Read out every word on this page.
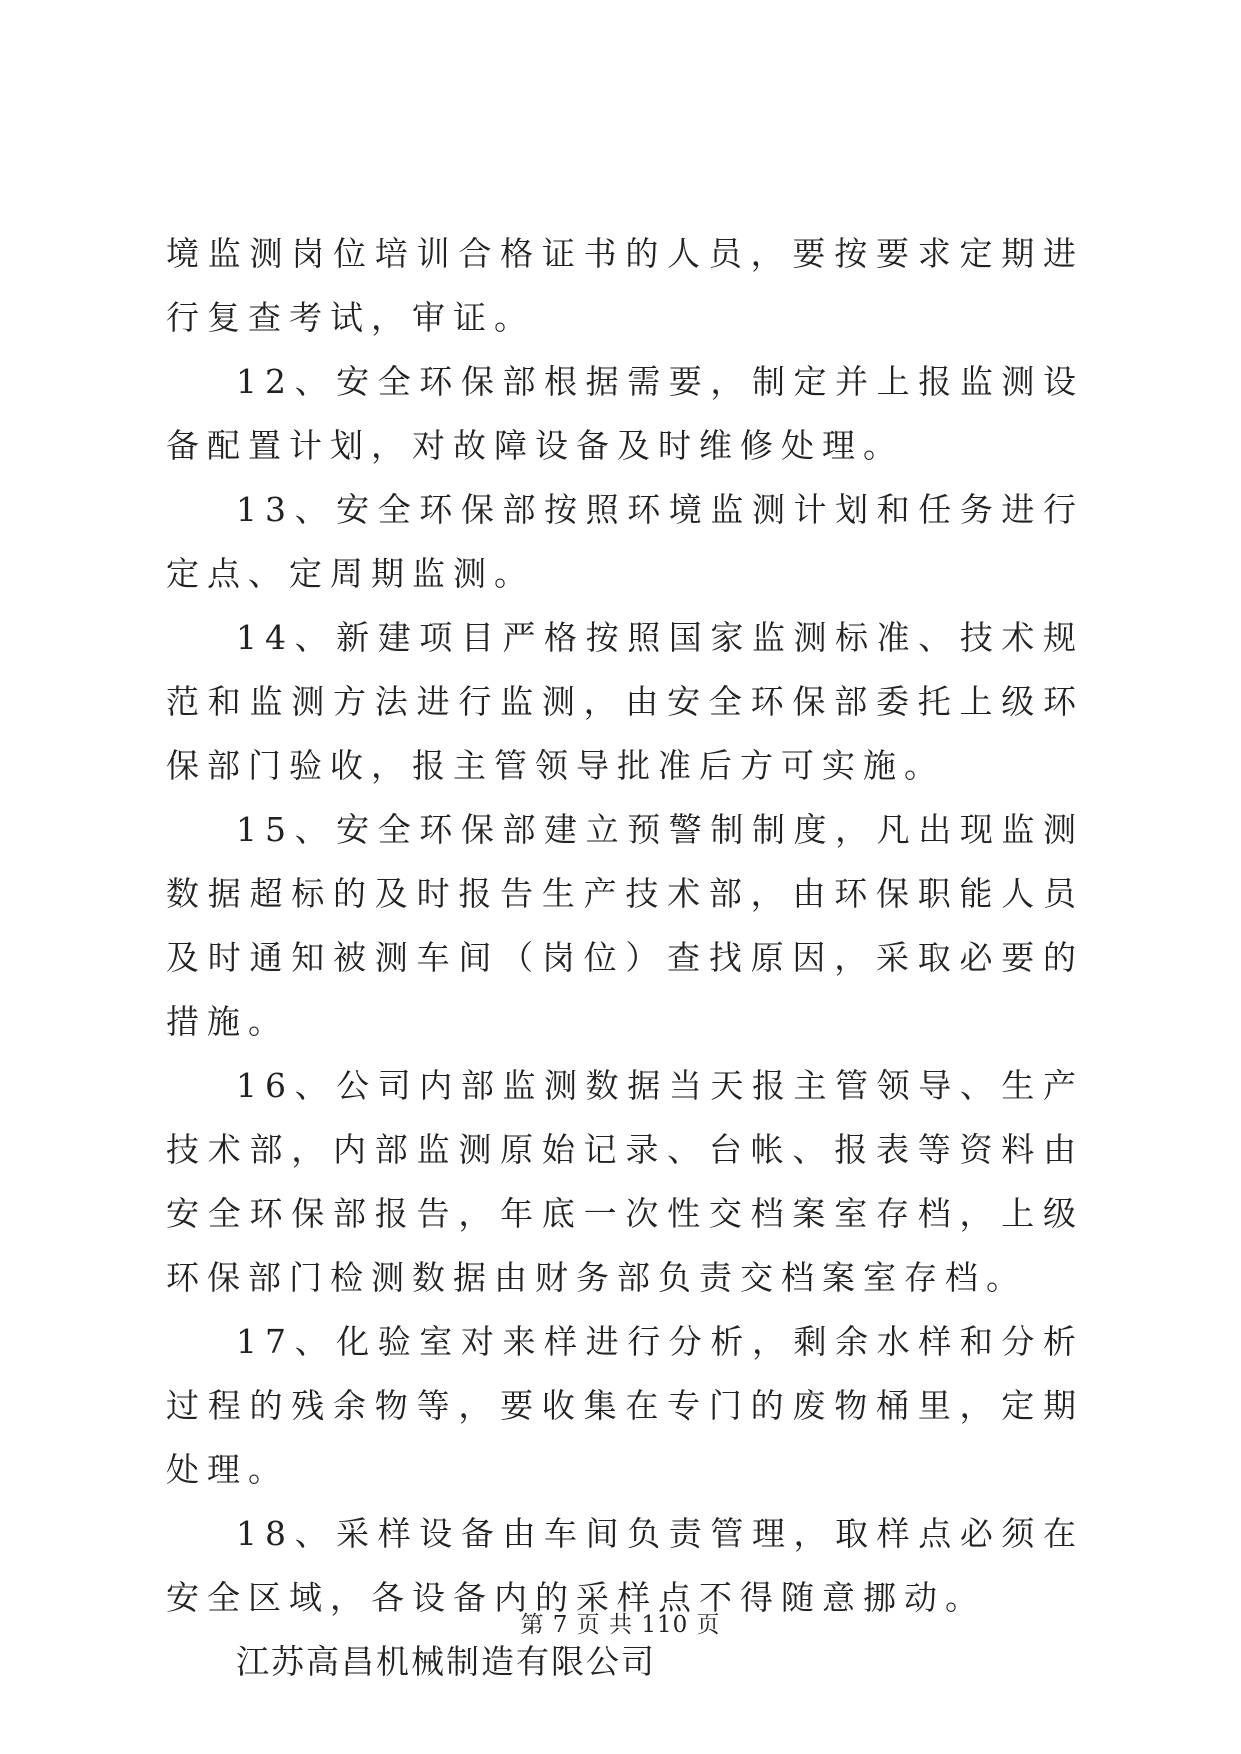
境监测岗位培训合格证书的人员，要按要求定期进行复查考试，审证。

12、安全环保部根据需要，制定并上报监测设备配置计划，对故障设备及时维修处理。

13、安全环保部按照环境监测计划和任务进行定点、定周期监测。

14、新建项目严格按照国家监测标准、技术规范和监测方法进行监测，由安全环保部委托上级环保部门验收，报主管领导批准后方可实施。

15、安全环保部建立预警制制度，凡出现监测数据超标的及时报告生产技术部，由环保职能人员及时通知被测车间（岗位）查找原因，采取必要的措施。

16、公司内部监测数据当天报主管领导、生产技术部，内部监测原始记录、台帐、报表等资料由安全环保部报告，年底一次性交档案室存档，上级环保部门检测数据由财务部负责交档案室存档。

17、化验室对来样进行分析，剩余水样和分析过程的残余物等，要收集在专门的废物桶里，定期处理。

18、采样设备由车间负责管理，取样点必须在安全区域，各设备内的采样点不得随意挪动。

江苏高昌机械制造有限公司

第 7 页 共 110 页
